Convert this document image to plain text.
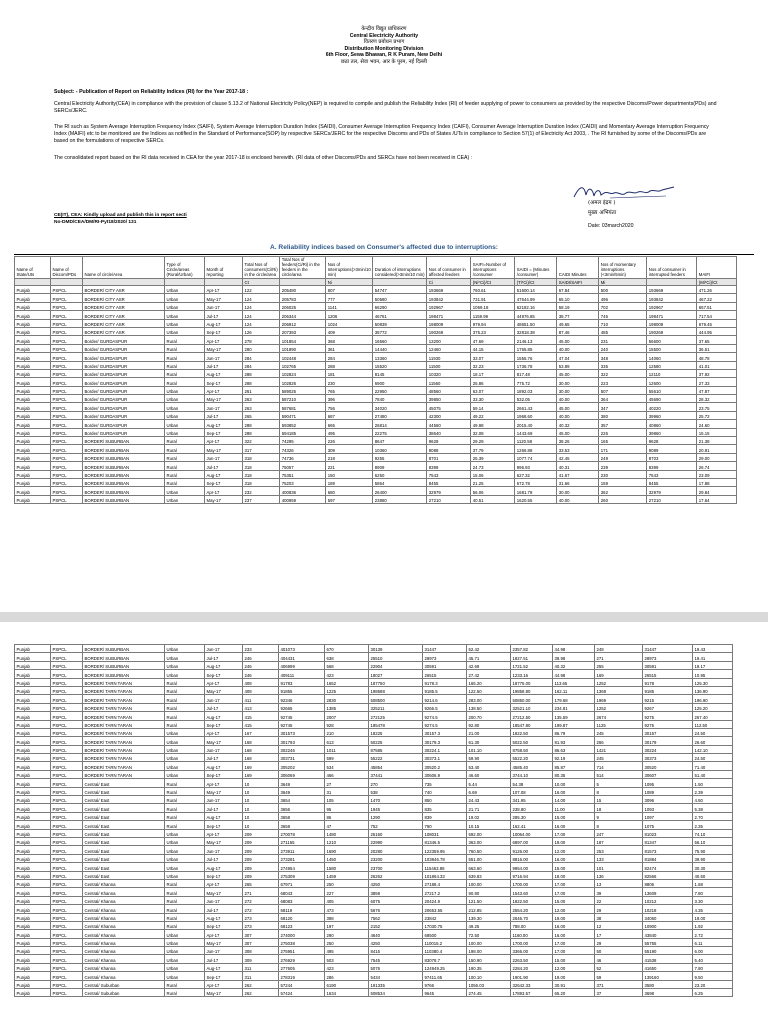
केन्द्रीय विद्युत प्राधिकरण
Central Electricity Authority
वितरण प्रबोधन प्रभाग
Distribution Monitoring Division
6th Floor, Sewa Bhawan, R K Puram, New Delhi
छठा तल, सेवा भवन, आर के पुरम, नई दिल्ली
Subject: - Publication of Report on Reliability Indices (RI) for the Year 2017-18 :
Central Electricity Authority(CEA) in compliance with the provision of clause 5.13.2 of National Electricity Policy(NEP) is required to compile and publish the Reliability Index (RI) of feeder supplying of power to consumers as provided by the respective Discoms/Power departments(PDs) and SERCs/JERC.
The RI such as System Average Interruption Frequency Index (SAIFI), System Average Interruption Duration Index (SAIDI), Consumer Average Interruption Frequency Index (CAIFI), Consumer Average Interruption Duration Index (CAIDI) and Momentary Average Interruption Frequency Index (MAIFI) etc to be monitored are the Indices as notified in the Standard of Performance(SOP) by respective SERCs/JERC for the respective Discoms and PDs of States /UTs in compliance to Section 57(1) of Electricity Act 2003, . The RI furnished by some of the Discoms/PDs are based on the formulations of respective SERCs.
The consolidated report based on the RI data received in CEA for the year 2017-18 is enclosed herewith. (RI data of other Discoms/PDs and SERCs have not been received in CEA) :
(अमल इंद्रम )
मुख्य अभियंता
Date: 03march2020
CE(IT), CEA: Kindly upload and publish this in report secti
No-DMD/CEA/DM/RI-Pyt18/2020/ 131
A. Reliability indices based on Consumer's affected due to interruptions:
Name of State/Uts	Name of Discom/PDs	Name of circle/Area	Type of Circle/areas (Rural/Urban)	Month of reporting	Total Nos of consumers(Ci/Ri) in the circle/area	Total Nos of feeders(Ci/Ri) in the feeders in the circle/area	Nos of Interruptions(>3min/10 min)	Duration of interruptions considered(>3min/10 min)	Nos of consumer in affected feeders	SAIFI=Number of interruptions /consumer	SAIDI = (Minutes /consumer)	CAIDI Minutes	Nos of momentary interruptions (<3min/5min)	Nos of consumer in interrupted feeders	MAIFI
					Ct		Ni		Ci	(Ni*Ci)/Ct	(Ti*Ci)/Ct	SAIDI/SAIFI	Mi		(Mi*Ci)/Ct
Punjab	PSPCL	BORDER/ CITY ASR	Urban	Apr-17	122	205480	807	54747	193669	760.61	51600.14	67.84	500	193669	471.26
Punjab	PSPCL	BORDER/ CITY ASR	Urban	May-17	124	205783	777	50580	193842	731.91	47644.99	65.10	496	193842	467.22
Punjab	PSPCL	BORDER/ CITY ASR	Urban	Jun-17	124	206025	1141	66290	192967	1069.18	62182.16	58.19	702	192967	657.51
Punjab	PSPCL	BORDER/ CITY ASR	Urban	Jul-17	124	206344	1206	46761	198471	1159.99	44976.85	38.77	746	198471	717.54
Punjab	PSPCL	BORDER/ CITY ASR	Urban	Aug-17	124	206912	1024	50839	198009	979.94	48651.50	49.65	710	198009	679.45
Punjab	PSPCL	BORDER/ CITY ASR	Urban	Sep-17	126	207393	409	35772	190269	375.23	32818.38	87.46	485	190269	444.95
Punjab	PSPCL	Border/ GURDASPUR	Rural	Apr-17	278	101854	368	16560	13200	47.69	2146.13	45.00	231	56600	37.65
Punjab	PSPCL	Border/ GURDASPUR	Rural	May-17	280	101890	361	14440	12460	44.15	1765.85	40.00	240	15500	36.51
Punjab	PSPCL	Border/ GURDASPUR	Rural	Jun-17	284	102448	284	13360	11930	33.07	1555.76	47.04	348	14060	48.78
Punjab	PSPCL	Border/ GURDASPUR	Rural	Jul-17	284	102765	288	15520	11500	32.23	1736.78	53.89	335	12580	41.01
Punjab	PSPCL	Border/ GURDASPUR	Rural	Aug-17	288	102824	181	8145	10320	18.17	817.48	45.00	322	12110	37.92
Punjab	PSPCL	Border/ GURDASPUR	Rural	Sep-17	288	102826	230	6900	11560	25.86	775.72	30.00	223	12600	27.33
Punjab	PSPCL	Border/ GURDASPUR	Urban	Apr-17	261	589025	765	22950	48560	63.07	1892.03	30.00	507	55610	47.87
Punjab	PSPCL	Border/ GURDASPUR	Urban	May-17	263	587210	396	7840	39850	33.30	532.05	40.00	364	45690	28.32
Punjab	PSPCL	Border/ GURDASPUR	Urban	Jun-17	263	587681	756	34020	45075	59.14	2661.43	45.00	347	40220	23.75
Punjab	PSPCL	Border/ GURDASPUR	Urban	Jul-17	265	590471	687	27480	42300	49.22	1968.60	40.00	380	39960	25.72
Punjab	PSPCL	Border/ GURDASPUR	Urban	Aug-17	288	593852	665	26814	44560	49.98	2015.40	40.32	357	40860	24.60
Punjab	PSPCL	Border/ GURDASPUR	Urban	Sep-17	288	594185	495	22275	38640	32.08	1443.69	45.00	226	39860	15.15
Punjab	PSPCL	BORDER/ SUBURBAN	Rural	Apr-17	322	74295	226	8647	9628	29.29	1120.58	38.26	165	9628	21.38
Punjab	PSPCL	BORDER/ SUBURBAN	Rural	May-17	317	74326	309	10360	9088	37.79	1266.88	33.53	171	9089	20.91
Punjab	PSPCL	BORDER/ SUBURBAN	Rural	Jun-17	318	74736	218	9255	8701	25.39	1077.74	42.45	249	8703	29.00
Punjab	PSPCL	BORDER/ SUBURBAN	Rural	Jul-17	318	75057	221	8909	8399	24.73	996.93	40.31	239	8399	26.74
Punjab	PSPCL	BORDER/ SUBURBAN	Rural	Aug-17	318	75351	150	6250	7543	15.06	627.32	41.67	230	7543	23.09
Punjab	PSPCL	BORDER/ SUBURBAN	Rural	Sep-17	318	75203	189	5864	8455	21.25	672.78	31.66	159	8455	17.88
Punjab	PSPCL	BORDER/ SUBURBAN	Urban	Apr-17	232	400836	680	26400	32979	56.06	1681.78	30.00	362	32979	29.84
Punjab	PSPCL	BORDER/ SUBURBAN	Urban	May-17	237	400959	597	23880	27210	40.51	1620.55	40.00	260	27210	17.64
Punjab	PSPCL	BORDER/ SUBURBAN	Urban	Jun-17	233	401073	670	30139	31447	52.42	2357.82	44.98	248	31447	19.43
Punjab	PSPCL	BORDER/ SUBURBAN	Urban	Jul-17	246	404431	638	25510	28973	45.71	1827.51	39.98	271	28973	19.41
Punjab	PSPCL	BORDER/ SUBURBAN	Urban	Aug-17	246	406999	568	22904	30591	42.69	1721.52	40.32	255	30591	19.17
Punjab	PSPCL	BORDER/ SUBURBAN	Urban	Sep-17	246	409111	423	18027	26515	27.42	1233.16	44.98	169	26515	10.95
Punjab	PSPCL	BORDER/ TARN TARAN	Rural	Apr-17	408	91783	1652	187750	9178.3	165.20	18775.00	113.65	1252	9178	125.30
Punjab	PSPCL	BORDER/ TARN TARAN	Rural	May-17	408	91855	1225	198588	9185.5	122.50	19858.80	162.11	1369	9185	136.90
Punjab	PSPCL	BORDER/ TARN TARAN	Rural	Jun-17	411	92346	2830	508500	9214.6	283.00	50850.00	179.68	1969	9215	196.90
Punjab	PSPCL	BORDER/ TARN TARAN	Rural	Jul-17	413	92665	1385	325211	9266.5	138.50	32521.10	234.81	1252	9267	125.20
Punjab	PSPCL	BORDER/ TARN TARAN	Rural	Aug-17	415	92745	2007	272125	9274.5	200.70	27212.50	135.59	2674	9275	267.40
Punjab	PSPCL	BORDER/ TARN TARAN	Rural	Sep-17	415	92745	928	185478	9274.5	92.80	18547.80	199.87	1125	9275	112.50
Punjab	PSPCL	BORDER/ TARN TARAN	Urban	Apr-17	167	301573	210	18225	30157.3	21.00	1822.50	86.79	245	30157	24.50
Punjab	PSPCL	BORDER/ TARN TARAN	Urban	May-17	168	301793	613	50225	30179.3	61.30	5022.50	81.93	266	30179	26.60
Punjab	PSPCL	BORDER/ TARN TARAN	Urban	Jun-17	168	302246	1011	87585	30224.1	101.10	8758.50	86.63	1421	30224	142.10
Punjab	PSPCL	BORDER/ TARN TARAN	Urban	Jul-17	168	303731	599	55222	30373.1	59.90	5522.20	92.19	245	30373	24.50
Punjab	PSPCL	BORDER/ TARN TARAN	Urban	Aug-17	169	305202	534	45854	30520.2	53.40	4585.40	85.87	714	30520	71.40
Punjab	PSPCL	BORDER/ TARN TARAN	Urban	Sep-17	169	306069	466	37441	30606.9	46.60	3744.10	80.35	514	30607	51.40
Punjab	PSPCL	Central/ East	Rural	Apr-17	10	3649	27	270	735	5.44	54.38	10.00	5	1095	1.50
Punjab	PSPCL	Central/ East	Rural	May-17	10	3649	31	538	740	6.69	107.08	16.00	8	1089	2.39
Punjab	PSPCL	Central/ East	Rural	Jun-17	10	3654	105	1470	850	24.43	341.95	14.00	15	3096	4.50
Punjab	PSPCL	Central/ East	Rural	Jul-17	10	3656	95	1945	835	21.71	238.80	11.00	18	1093	5.38
Punjab	PSPCL	Central/ East	Rural	Aug-17	10	3658	86	1290	839	19.02	285.30	15.00	9	1097	2.70
Punjab	PSPCL	Central/ East	Rural	Sep-17	10	3658	47	752	790	10.15	162.41	16.00	8	1075	2.35
Punjab	PSPCL	Central/ East	Urban	Apr-17	209	270078	1480	25160	108031	592.00	10064.00	17.00	247	81023	74.10
Punjab	PSPCL	Central/ East	Urban	May-17	209	271155	1210	22990	81346.5	363.00	6897.00	19.00	187	81347	56.10
Punjab	PSPCL	Central/ East	Urban	Jun-17	209	273911	1690	20280	122359.95	760.50	9126.00	12.00	253	81573	75.90
Punjab	PSPCL	Central/ East	Urban	Jul-17	209	273281	1450	23200	103846.78	551.00	8816.00	16.00	133	81884	39.90
Punjab	PSPCL	Central/ East	Urban	Aug-17	209	274954	1580	23700	115463.88	663.60	9954.00	15.00	101	82474	30.30
Punjab	PSPCL	Central/ East	Urban	Sep-17	209	275309	1459	26262	101864.33	539.83	9716.94	18.00	136	82566	40.50
Punjab	PSPCL	Central/ Khanna	Rural	Apr-17	265	67971	250	4250	27188.4	100.00	1700.00	17.00	13	8806	1.68
Punjab	PSPCL	Central/ Khanna	Rural	May-17	271	68043	227	3859	27217.2	90.80	1543.60	17.00	39	13609	7.80
Punjab	PSPCL	Central/ Khanna	Rural	Jun-17	272	68083	405	6075	20424.9	121.50	1822.50	15.00	22	10212	3.30
Punjab	PSPCL	Central/ Khanna	Rural	Jul-17	272	68119	473	5676	20653.55	212.85	2554.20	12.00	29	10218	4.35
Punjab	PSPCL	Central/ Khanna	Rural	Aug-17	273	68120	398	7562	23842	139.30	2646.70	19.00	38	34060	19.00
Punjab	PSPCL	Central/ Khanna	Rural	Sep-17	273	68123	197	2152	17030.75	49.25	788.00	16.00	12	10900	1.92
Punjab	PSPCL	Central/ Khanna	Urban	Apr-17	307	274000	290	4640	68500	72.50	1160.00	16.00	17	43840	2.72
Punjab	PSPCL	Central/ Khanna	Urban	May-17	307	275038	250	4250	110015.2	100.00	1700.00	17.00	29	55755	6.11
Punjab	PSPCL	Central/ Khanna	Urban	Jun-17	308	275951	495	8415	110380.4	198.00	3366.00	17.00	50	55190	6.00
Punjab	PSPCL	Central/ Khanna	Urban	Jul-17	309	276929	503	7545	83078.7	150.90	2263.50	15.00	46	41538	5.40
Punjab	PSPCL	Central/ Khanna	Urban	Aug-17	311	277605	423	5076	124949.25	190.35	2284.20	12.00	52	41650	7.80
Punjab	PSPCL	Central/ Khanna	Urban	Sep-17	311	278319	286	5434	97411.65	100.10	1901.90	19.00	59	139160	9.50
Punjab	PSPCL	Central/ Suburban	Rural	Apr-17	262	57244	6190	191335	9766	1056.03	32642.33	30.91	371	3580	23.20
Punjab	PSPCL	Central/ Suburban	Rural	May-17	262	57424	1634	508534	9645	274.45	17893.57	65.20	37	3698	6.25
